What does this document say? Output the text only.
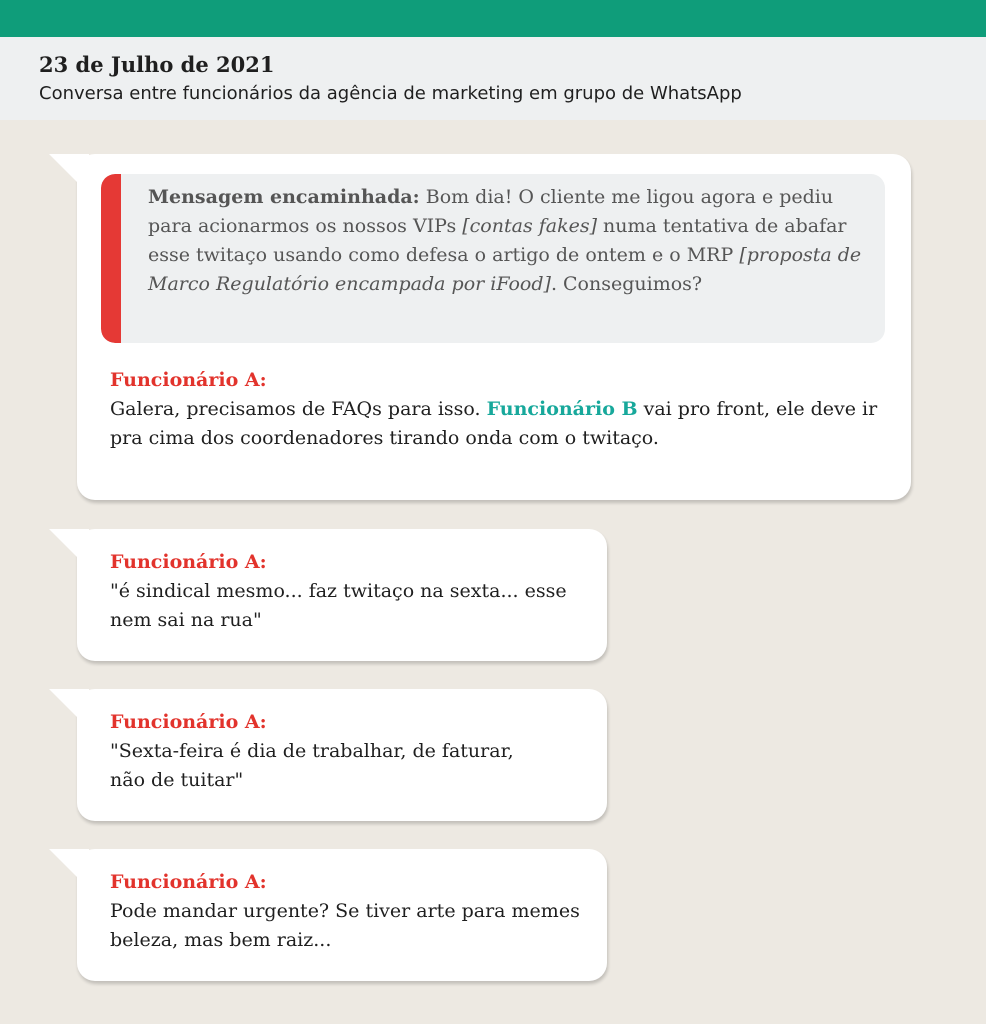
23 de Julho de 2021
Conversa entre funcionários da agência de marketing em grupo de WhatsApp

Mensagem encaminhada: Bom dia! O cliente me ligou agora e pediu para acionarmos os nossos VIPs [contas fakes] numa tentativa de abafar esse twitaço usando como defesa o artigo de ontem e o MRP [proposta de Marco Regulatório encampada por iFood]. Conseguimos?

Funcionário A:

Galera, precisamos de FAQs para isso. Funcionário B vai pro front, ele deve ir pra cima dos coordenadores tirando onda com o twitaço.

Funcionário A:

"é sindical mesmo... faz twitaço na sexta... esse nem sai na rua"

Funcionário A:

"Sexta-feira é dia de trabalhar, de faturar, não de tuitar"

Funcionário A:

Pode mandar urgente? Se tiver arte para memes beleza, mas bem raiz...
